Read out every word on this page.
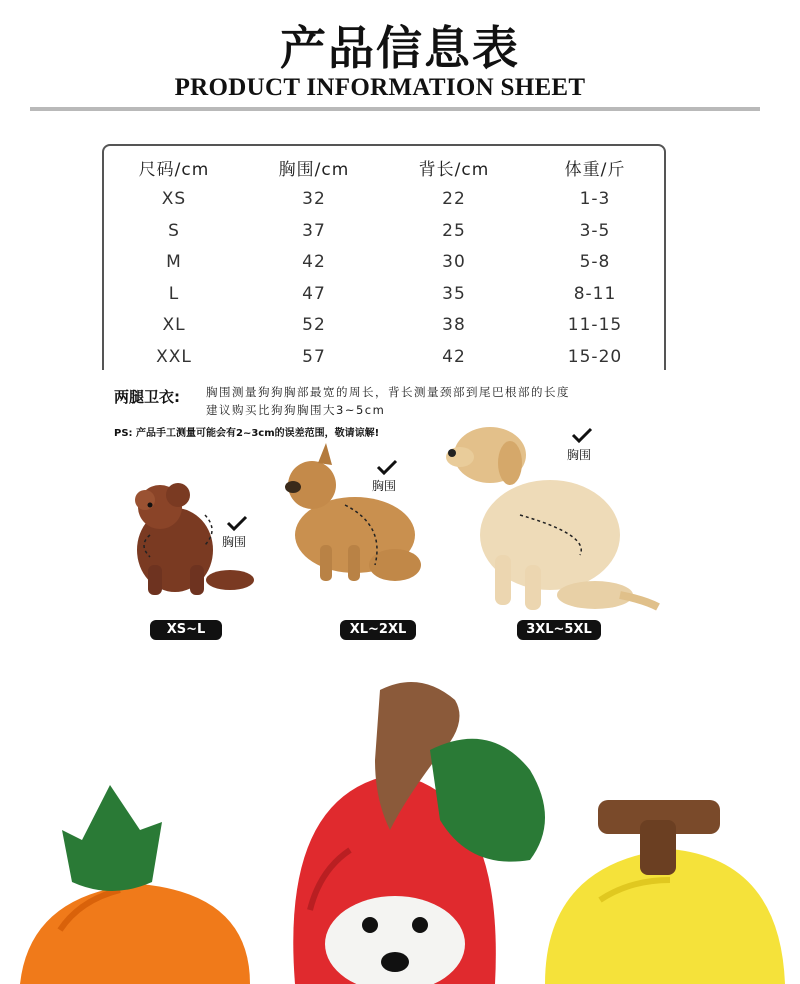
产品信息表
PRODUCT INFORMATION SHEET
尺码/cm	胸围/cm	背长/cm	体重/斤
XS	32	22	1-3
S	37	25	3-5
M	42	30	5-8
L	47	35	8-11
XL	52	38	11-15
XXL	57	42	15-20
两腿卫衣: 胸围测量狗狗胸部最宽的周长，背长测量颈部到尾巴根部的长度
建议购买比狗狗胸围大3~5cm
PS: 产品手工测量可能会有2~3cm的误差范围，敬请谅解!
胸围
胸围
胸围
XS~L	XL~2XL	3XL~5XL
